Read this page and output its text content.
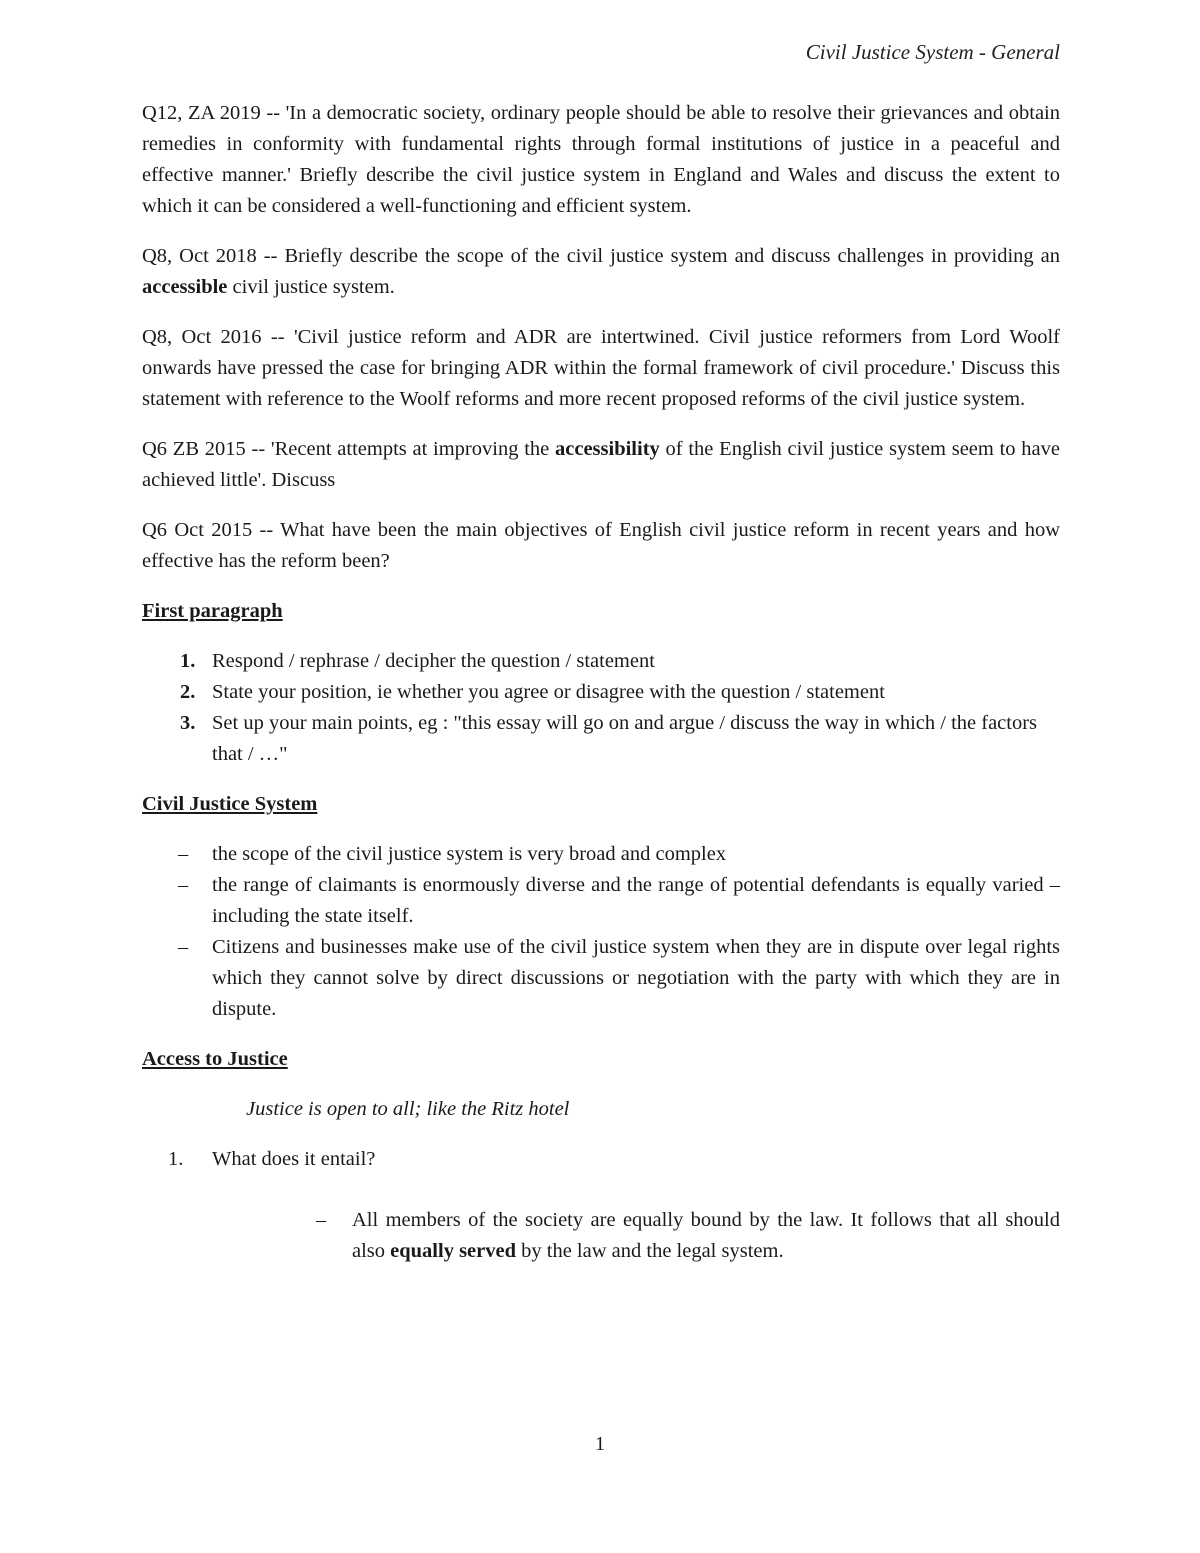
Civil Justice System - General

Q12, ZA 2019 -- 'In a democratic society, ordinary people should be able to resolve their grievances and obtain remedies in conformity with fundamental rights through formal institutions of justice in a peaceful and effective manner.' Briefly describe the civil justice system in England and Wales and discuss the extent to which it can be considered a well-functioning and efficient system.

Q8, Oct 2018 -- Briefly describe the scope of the civil justice system and discuss challenges in providing an accessible civil justice system.

Q8, Oct 2016 -- 'Civil justice reform and ADR are intertwined. Civil justice reformers from Lord Woolf onwards have pressed the case for bringing ADR within the formal framework of civil procedure.' Discuss this statement with reference to the Woolf reforms and more recent proposed reforms of the civil justice system.

Q6 ZB 2015 -- 'Recent attempts at improving the accessibility of the English civil justice system seem to have achieved little'. Discuss

Q6 Oct 2015 -- What have been the main objectives of English civil justice reform in recent years and how effective has the reform been?

First paragraph
1. Respond / rephrase / decipher the question / statement
2. State your position, ie whether you agree or disagree with the question / statement
3. Set up your main points, eg : "this essay will go on and argue / discuss the way in which / the factors that / …"
Civil Justice System
– the scope of the civil justice system is very broad and complex
– the range of claimants is enormously diverse and the range of potential defendants is equally varied – including the state itself.
– Citizens and businesses make use of the civil justice system when they are in dispute over legal rights which they cannot solve by direct discussions or negotiation with the party with which they are in dispute.
Access to Justice

Justice is open to all; like the Ritz hotel

1. What does it entail?
– All members of the society are equally bound by the law. It follows that all should also equally served by the law and the legal system.
1
